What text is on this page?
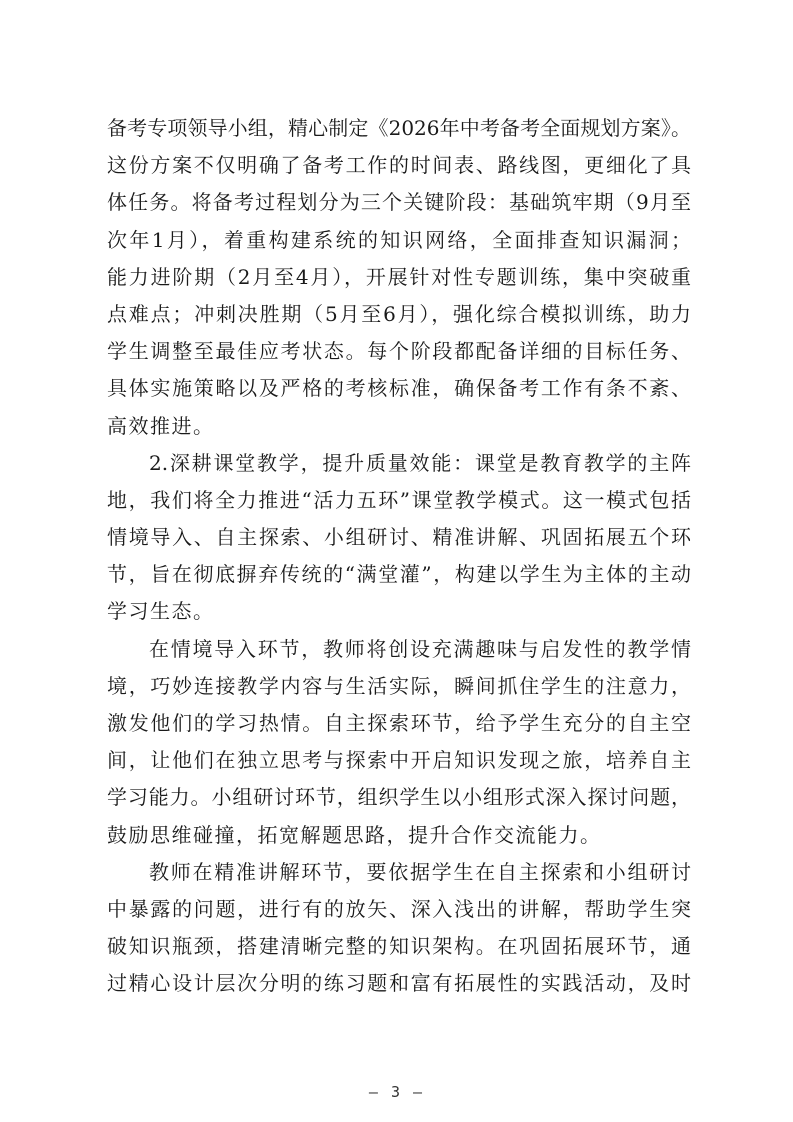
备考专项领导小组，精心制定《2026年中考备考全面规划方案》。
这份方案不仅明确了备考工作的时间表、路线图，更细化了具
体任务。将备考过程划分为三个关键阶段：基础筑牢期（9月至
次年1月），着重构建系统的知识网络，全面排查知识漏洞；
能力进阶期（2月至4月），开展针对性专题训练，集中突破重
点难点；冲刺决胜期（5月至6月），强化综合模拟训练，助力
学生调整至最佳应考状态。每个阶段都配备详细的目标任务、
具体实施策略以及严格的考核标准，确保备考工作有条不紊、
高效推进。
2.深耕课堂教学，提升质量效能：课堂是教育教学的主阵
地，我们将全力推进“活力五环”课堂教学模式。这一模式包括
情境导入、自主探索、小组研讨、精准讲解、巩固拓展五个环
节，旨在彻底摒弃传统的“满堂灌”，构建以学生为主体的主动
学习生态。
在情境导入环节，教师将创设充满趣味与启发性的教学情
境，巧妙连接教学内容与生活实际，瞬间抓住学生的注意力，
激发他们的学习热情。自主探索环节，给予学生充分的自主空
间，让他们在独立思考与探索中开启知识发现之旅，培养自主
学习能力。小组研讨环节，组织学生以小组形式深入探讨问题，
鼓励思维碰撞，拓宽解题思路，提升合作交流能力。
教师在精准讲解环节，要依据学生在自主探索和小组研讨
中暴露的问题，进行有的放矢、深入浅出的讲解，帮助学生突
破知识瓶颈，搭建清晰完整的知识架构。在巩固拓展环节，通
过精心设计层次分明的练习题和富有拓展性的实践活动，及时
— 3 —
